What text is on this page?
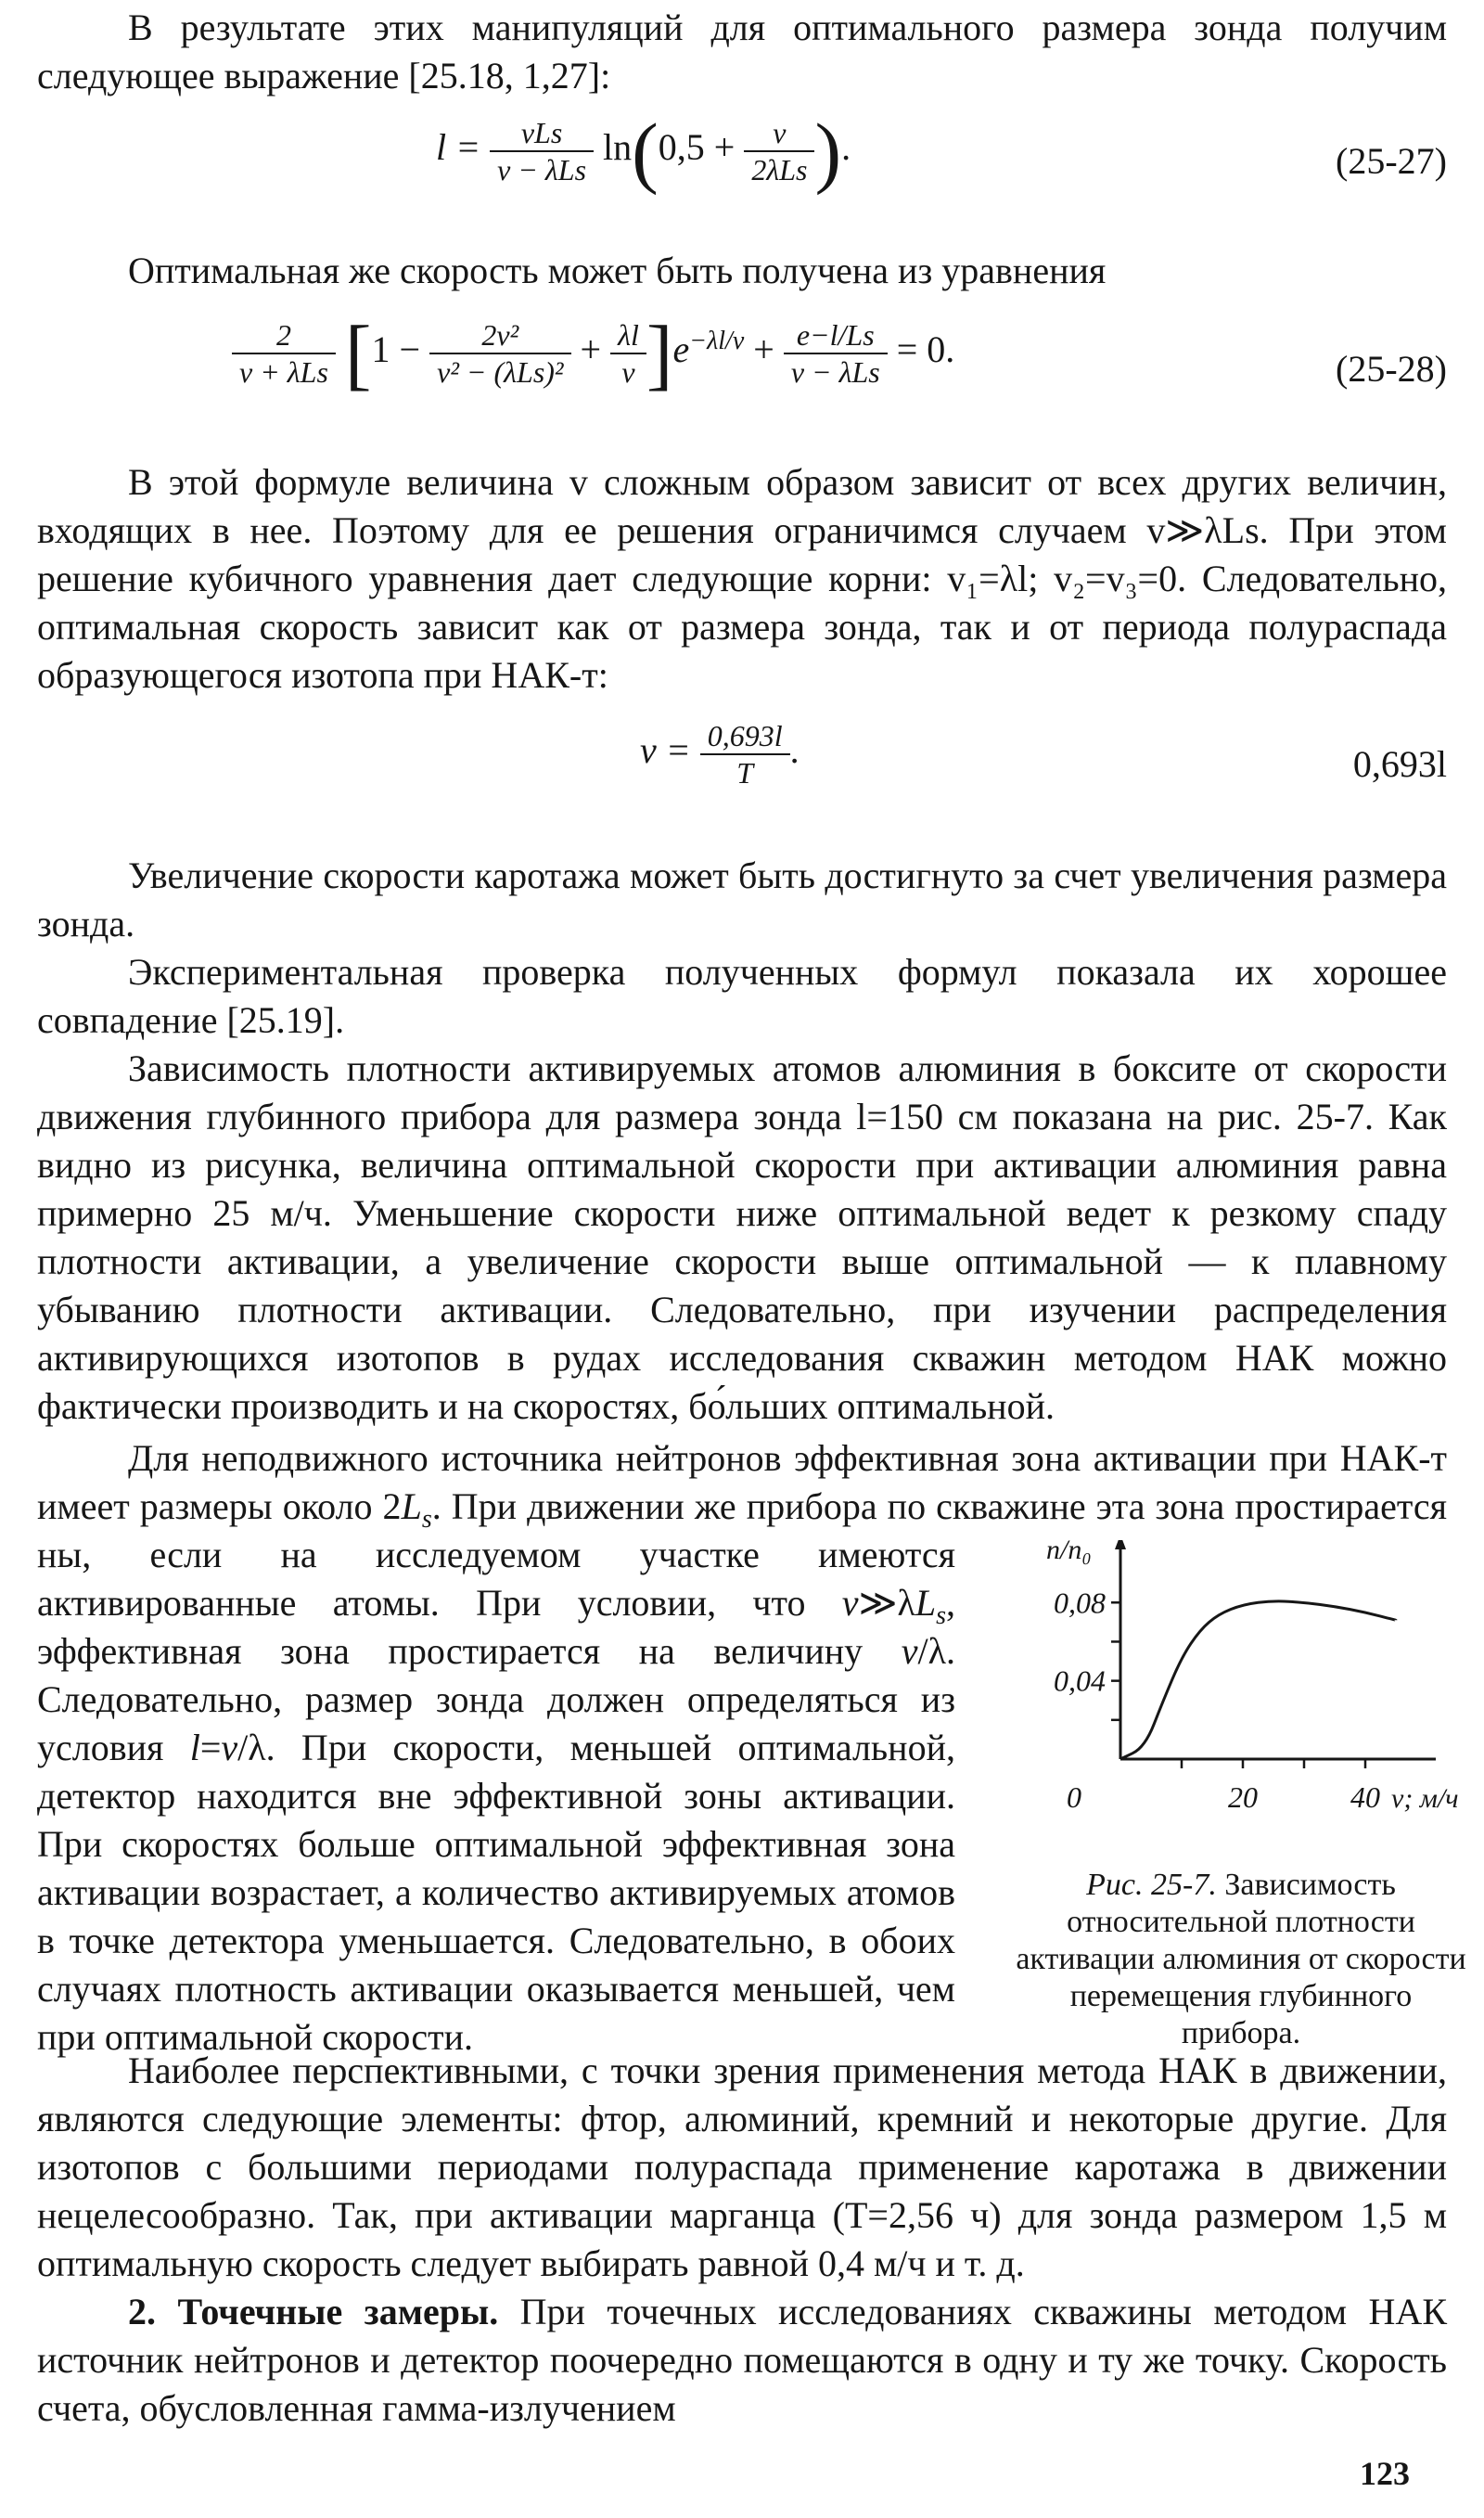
В результате этих манипуляций для оптимального размера зонда получим следующее выражение [25.18, 1,27]:

$l = \frac{\text{vLs}}{\text{v − λLs}} \ln(0,5 + \frac{v}{\text{2λLs}}$ ).	(25-27)

Оптимальная же скорость может быть получена из уравнения

$\frac{2}{\text{v + λLs}} [1 - \frac{\text{2v²}}{\text{v² − (λLs)²}} + \frac{\lambda l}{v} ]e^{-\lambda l/v} + \frac{e-l/Ls}{\text{v − λLs}} = 0$.	(25-28)

В этой формуле величина v сложным образом зависит от всех других величин, входящих в нее. Поэтому для ее решения ограничимся случаем v≫λLs. При этом решение кубичного уравнения дает следующие корни: v₁=λl; v₂=v₃=0. Следовательно, оптимальная скорость зависит как от размера зонда, так и от периода полураспада образующегося изотопа при НАК-т:

$v = \frac{0,693l}{T}$ .	0,693l

Увеличение скорости каротажа может быть достигнуто за счет увеличения размера зонда.

Экспериментальная проверка полученных формул показала их хорошее совпадение [25.19].

Зависимость плотности активируемых атомов алюминия в боксите от скорости движения глубинного прибора для размера зонда l=150 см показана на рис. 25-7. Как видно из рисунка, величина оптимальной скорости при активации алюминия равна примерно 25 м/ч. Уменьшение скорости ниже оптимальной ведет к резкому спаду плотности активации, а увеличение скорости выше оптимальной — к плавному убыванию плотности активации. Следовательно, при изучении распределения активирующихся изотопов в рудах исследования скважин методом НАК можно фактически производить и на скоростях, бо́льших оптимальной.

Для неподвижного источника нейтронов эффективная зона активации при НАК-т имеет размеры около $2L_s$. При движении же прибора по скважине эта зона простирается

ны, если на исследуемом участке имеются активированные атомы. При условии, что $v≫\lambda L_s$, эффективная зона простирается на величину v/λ. Следовательно, размер зонда должен определяться из условия l=v/λ. При скорости, меньшей оптимальной, детектор находится вне эффективной зоны активации. При скоростях больше оптимальной эффективная зона активации возрастает, а количество активируемых атомов в точке детектора уменьшается. Следовательно, в обоих случаях плотность активации оказывается меньшей, чем при оптимальной скорости.

0,08
0,04
0	20	40
n/n₀
v; м/ч
Рис. 25-7. Зависимость относительной плотности активации алюминия от скорости перемещения глубинного прибора.

Наиболее перспективными, с точки зрения применения метода НАК в движении, являются следующие элементы: фтор, алюминий, кремний и некоторые другие. Для изотопов с большими периодами полураспада применение каротажа в движении нецелесообразно. Так, при активации марганца (T=2,56 ч) для зонда размером 1,5 м оптимальную скорость следует выбирать равной 0,4 м/ч и т. д.

2. Точечные замеры. При точечных исследованиях скважины методом НАК источник нейтронов и детектор поочередно помещаются в одну и ту же точку. Скорость счета, обусловленная гамма-излучением

123
